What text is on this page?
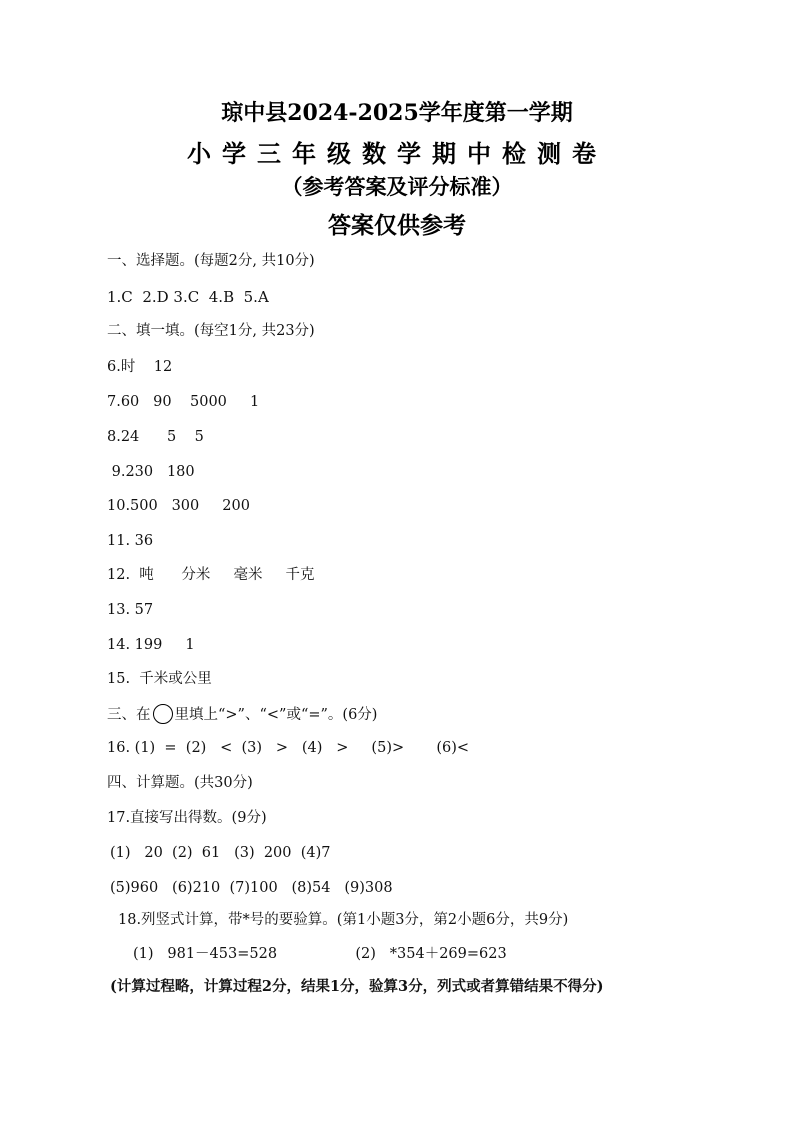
琼中县2024-2025学年度第一学期
小学三年级数学期中检测卷
（参考答案及评分标准）
答案仅供参考
一、选择题。(每题2分, 共10分)
1.C  2.D 3.C  4.B  5.A
二、填一填。(每空1分, 共23分)
6.时    12
7.60   90    5000     1
8.24      5    5
9.230   180
10.500   300     200
11. 36
12.  吨      分米     毫米     千克
13. 57
14. 199     1
15.  千米或公里
三、在 里填上“>”、“<”或“=”。(6分)
16. (1)  =  (2)   <  (3)   >   (4)   >     (5)>       (6)<
四、计算题。(共30分)
17.直接写出得数。(9分)
(1)   20  (2)  61   (3)  200  (4)7
(5)960   (6)210  (7)100   (8)54   (9)308
18.列竖式计算，带*号的要验算。(第1小题3分，第2小题6分，共9分)
(1)   981－453=528                 (2)   *354＋269=623
(计算过程略，计算过程2分，结果1分，验算3分，列式或者算错结果不得分)
